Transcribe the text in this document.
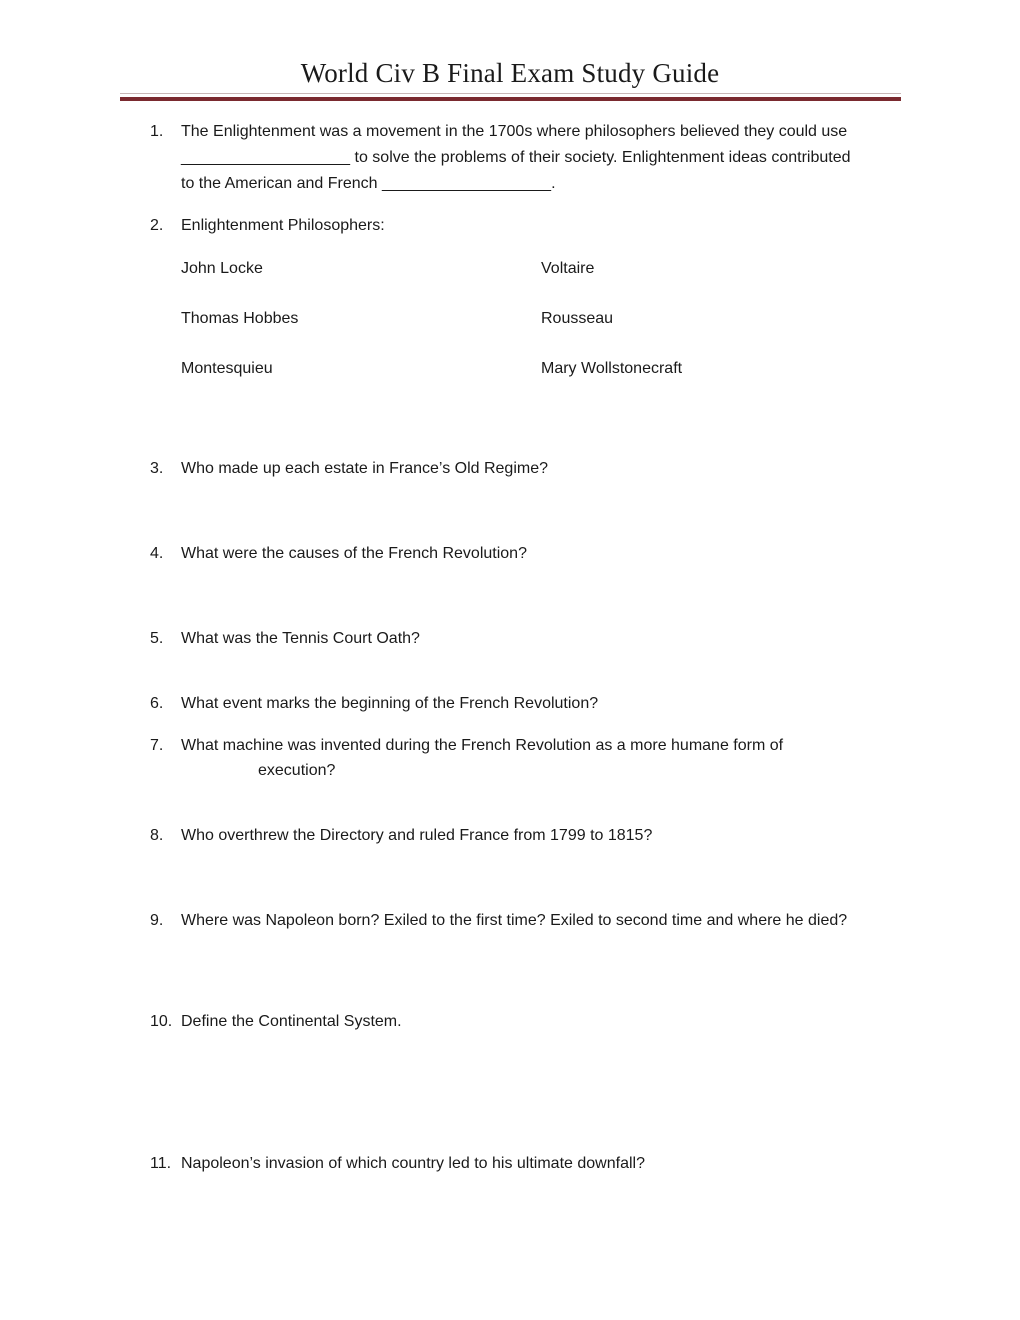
World Civ B Final Exam Study Guide
1. The Enlightenment was a movement in the 1700s where philosophers believed they could use
___________________ to solve the problems of their society. Enlightenment ideas contributed
to the American and French ___________________.
2. Enlightenment Philosophers:
John Locke	Voltaire
Thomas Hobbes	Rousseau
Montesquieu	Mary Wollstonecraft
3. Who made up each estate in France’s Old Regime?
4. What were the causes of the French Revolution?
5. What was the Tennis Court Oath?
6. What event marks the beginning of the French Revolution?
7. What machine was invented during the French Revolution as a more humane form of
execution?
8. Who overthrew the Directory and ruled France from 1799 to 1815?
9. Where was Napoleon born? Exiled to the first time? Exiled to second time and where he died?
10. Define the Continental System.
11. Napoleon’s invasion of which country led to his ultimate downfall?
